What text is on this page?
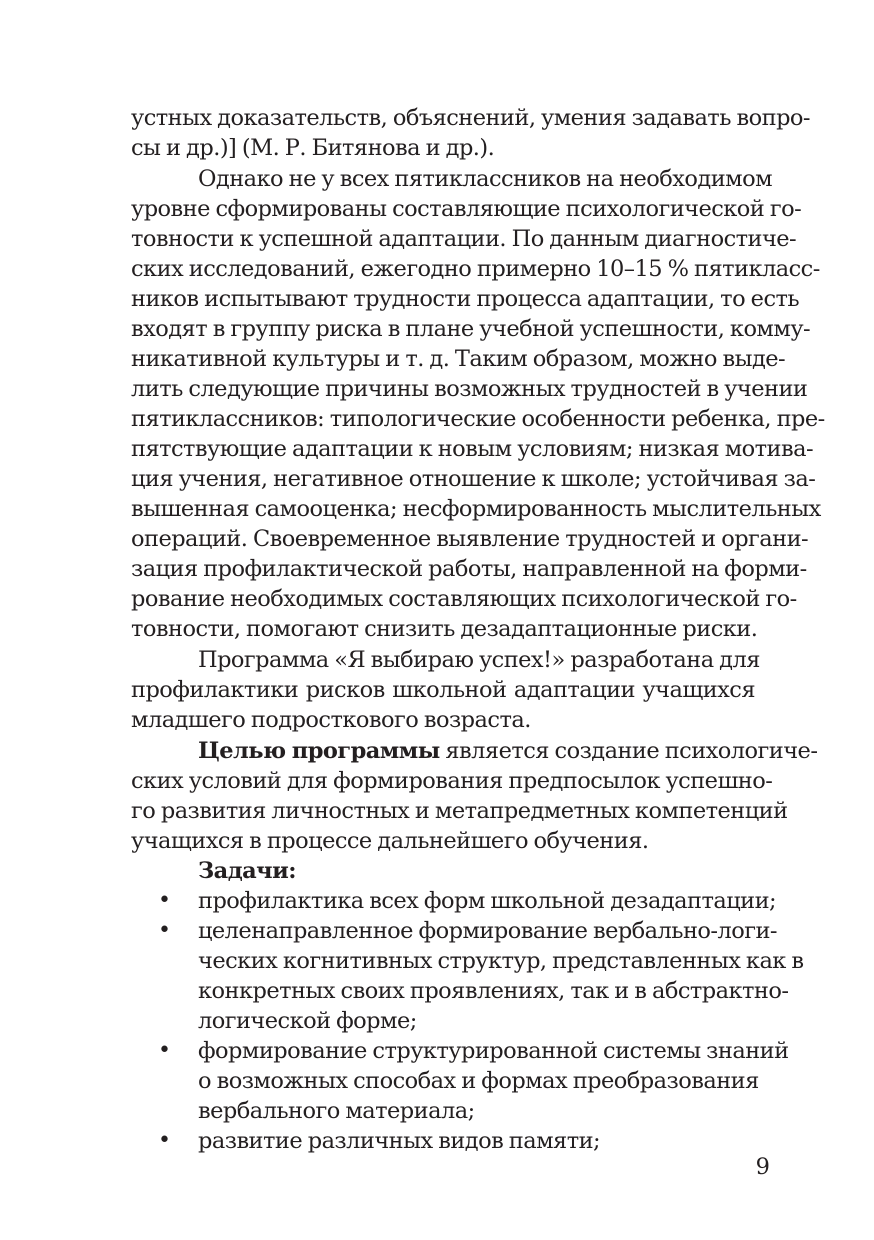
устных доказательств, объяснений, умения задавать вопро-
сы и др.)] (М. Р. Битянова и др.).
Однако не у всех пятиклассников на необходимом
уровне сформированы составляющие психологической го-
товности к успешной адаптации. По данным диагностиче-
ских исследований, ежегодно примерно 10–15 % пятикласс-
ников испытывают трудности процесса адаптации, то есть
входят в группу риска в плане учебной успешности, комму-
никативной культуры и т. д. Таким образом, можно выде-
лить следующие причины возможных трудностей в учении
пятиклассников: типологические особенности ребенка, пре-
пятствующие адаптации к новым условиям; низкая мотива-
ция учения, негативное отношение к школе; устойчивая за-
вышенная самооценка; несформированность мыслительных
операций. Своевременное выявление трудностей и органи-
зация профилактической работы, направленной на форми-
рование необходимых составляющих психологической го-
товности, помогают снизить дезадаптационные риски.
Программа «Я выбираю успех!» разработана для
профилактики рисков школьной адаптации учащихся
младшего подросткового возраста.
Целью программы является создание психологиче-
ских условий для формирования предпосылок успешно-
го развития личностных и метапредметных компетенций
учащихся в процессе дальнейшего обучения.
Задачи:
• профилактика всех форм школьной дезадаптации;
• целенаправленное формирование вербально-логи-
ческих когнитивных структур, представленных как в
конкретных своих проявлениях, так и в абстрактно-
логической форме;
• формирование структурированной системы знаний
о возможных способах и формах преобразования
вербального материала;
• развитие различных видов памяти;
9
